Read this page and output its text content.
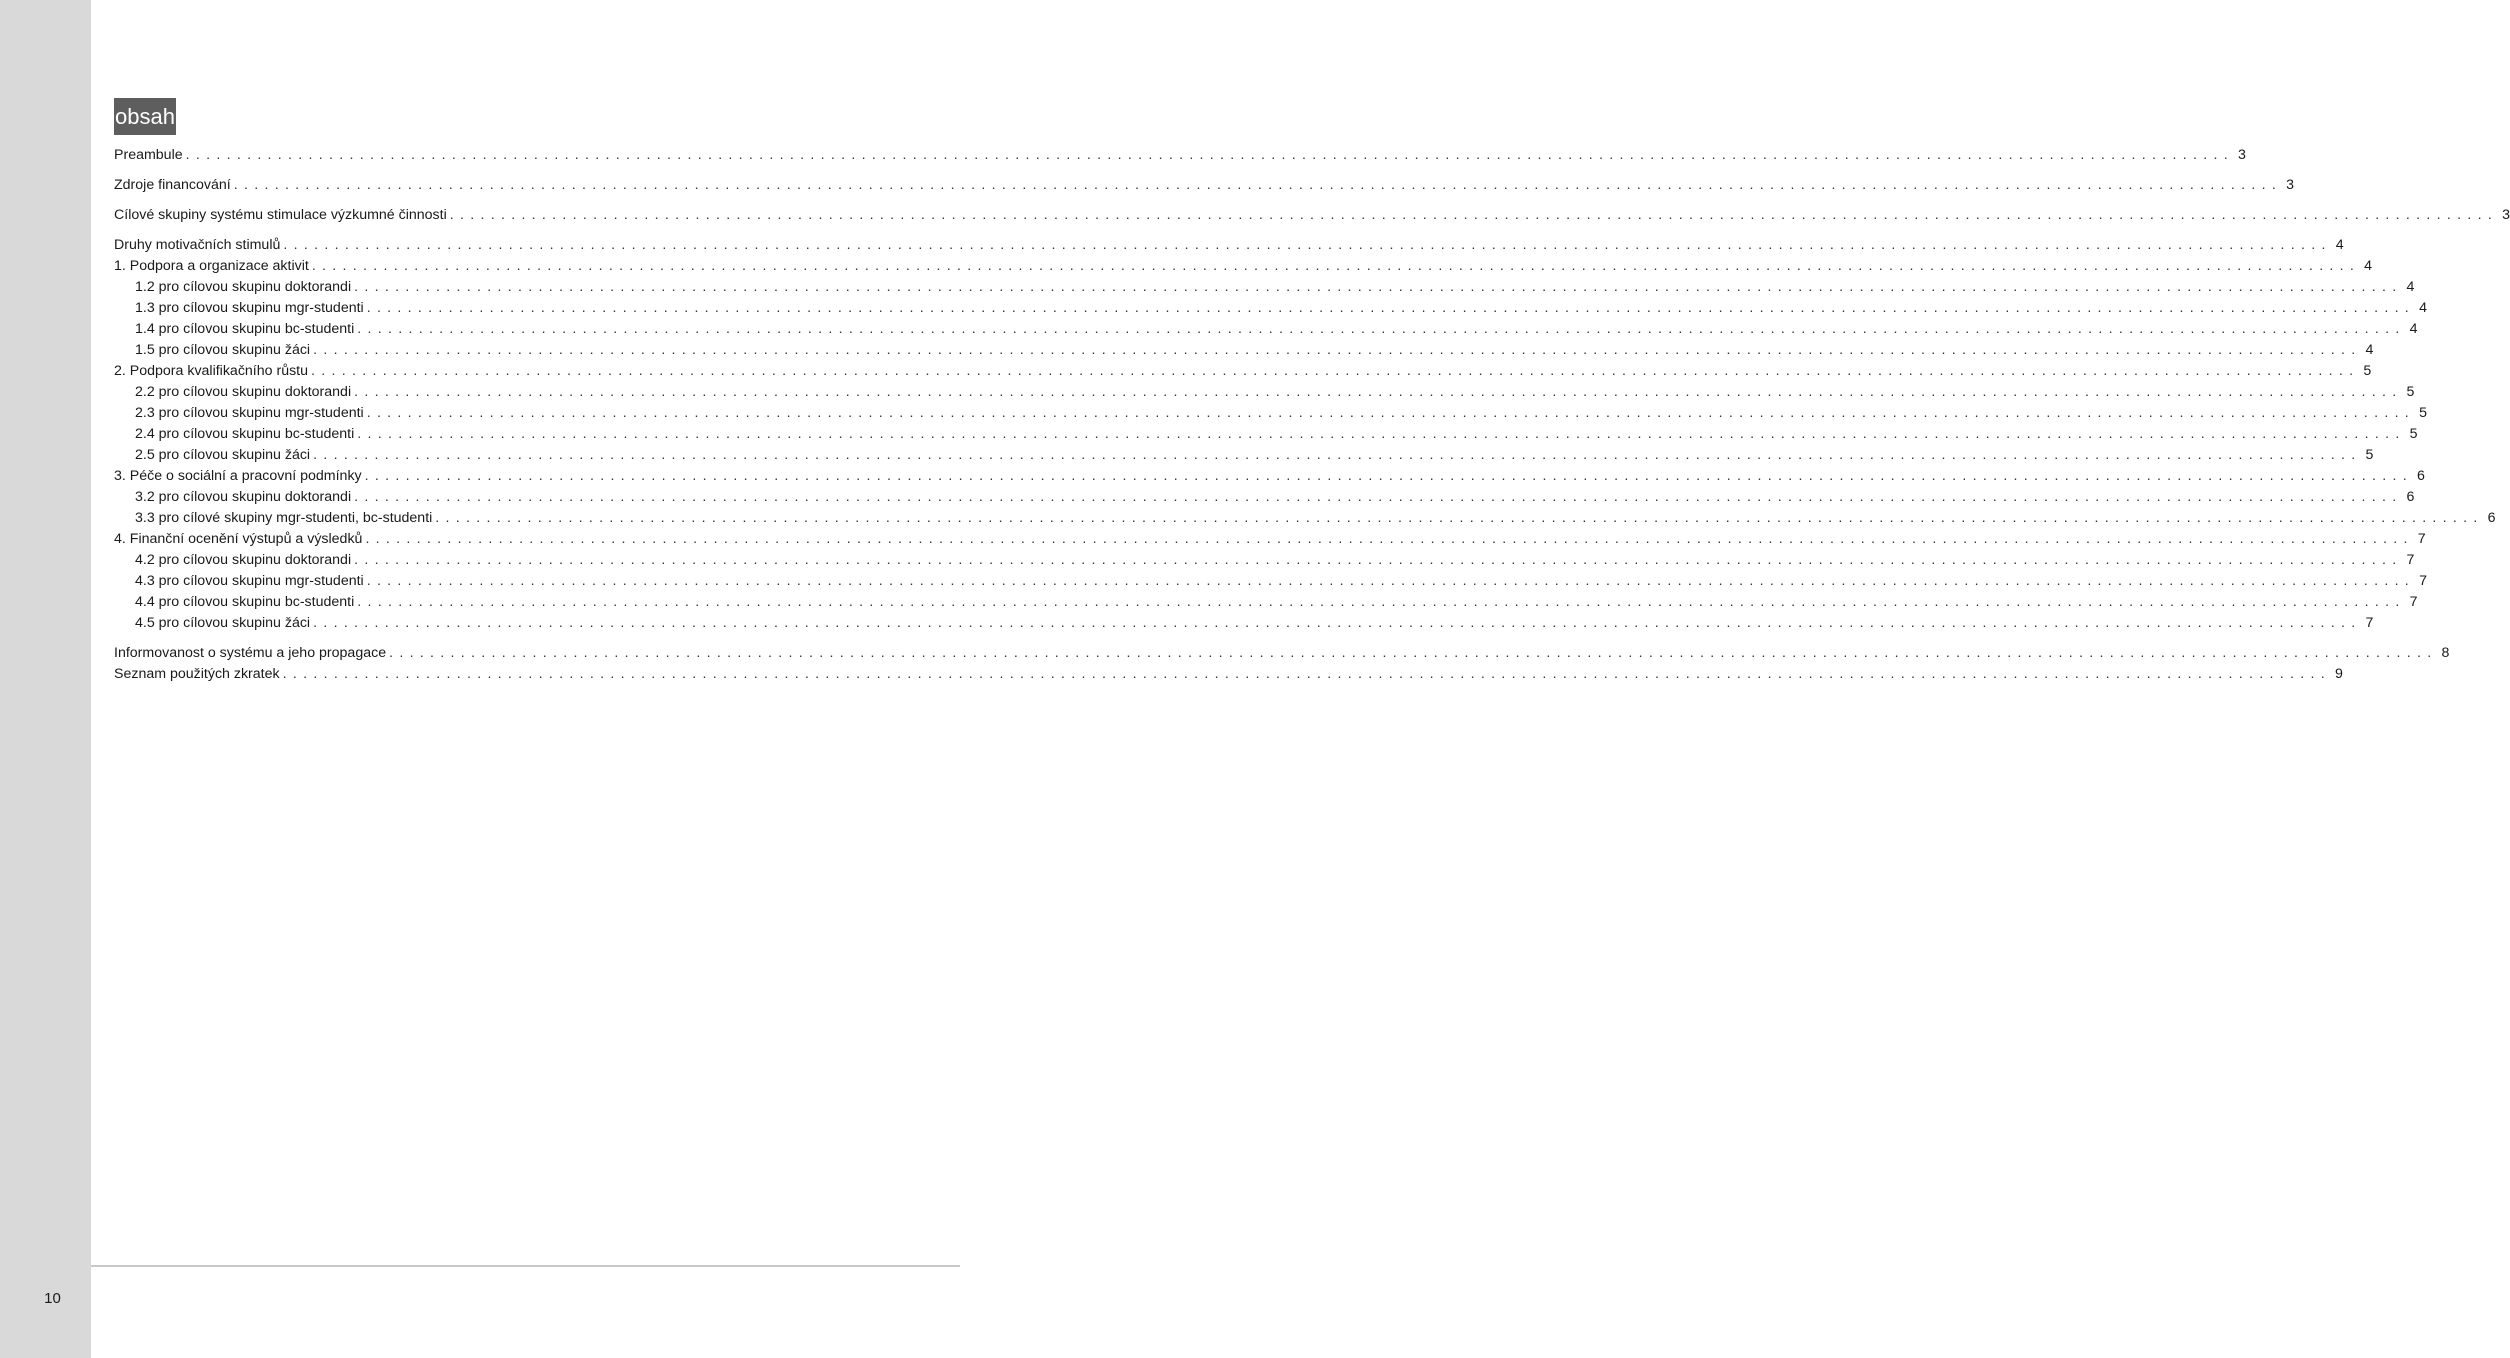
obsah
Preambule ........................................................................................................................................................................................................ 3
Zdroje financování ........................................................................................................................................................................................................ 3
Cílové skupiny systému stimulace výzkumné činnosti ........................................................................................................................................................................................................ 3
Druhy motivačních stimulů ........................................................................................................................................................................................................ 4
1. Podpora a organizace aktivit ........................................................................................................................................................................................................ 4
1.2 pro cílovou skupinu doktorandi ........................................................................................................................................................................................................ 4
1.3 pro cílovou skupinu mgr-studenti ........................................................................................................................................................................................................ 4
1.4 pro cílovou skupinu bc-studenti ........................................................................................................................................................................................................ 4
1.5 pro cílovou skupinu žáci ........................................................................................................................................................................................................ 4
2. Podpora kvalifikačního růstu ........................................................................................................................................................................................................ 5
2.2 pro cílovou skupinu doktorandi ........................................................................................................................................................................................................ 5
2.3 pro cílovou skupinu mgr-studenti ........................................................................................................................................................................................................ 5
2.4 pro cílovou skupinu bc-studenti ........................................................................................................................................................................................................ 5
2.5 pro cílovou skupinu žáci ........................................................................................................................................................................................................ 5
3. Péče o sociální a pracovní podmínky ........................................................................................................................................................................................................ 6
3.2 pro cílovou skupinu doktorandi ........................................................................................................................................................................................................ 6
3.3 pro cílové skupiny mgr-studenti, bc-studenti ........................................................................................................................................................................................................ 6
4. Finanční ocenění výstupů a výsledků ........................................................................................................................................................................................................ 7
4.2 pro cílovou skupinu doktorandi ........................................................................................................................................................................................................ 7
4.3 pro cílovou skupinu mgr-studenti ........................................................................................................................................................................................................ 7
4.4 pro cílovou skupinu bc-studenti ........................................................................................................................................................................................................ 7
4.5 pro cílovou skupinu žáci ........................................................................................................................................................................................................ 7
Informovanost o systému a jeho propagace ........................................................................................................................................................................................................ 8
Seznam použitých zkratek ........................................................................................................................................................................................................ 9
10
